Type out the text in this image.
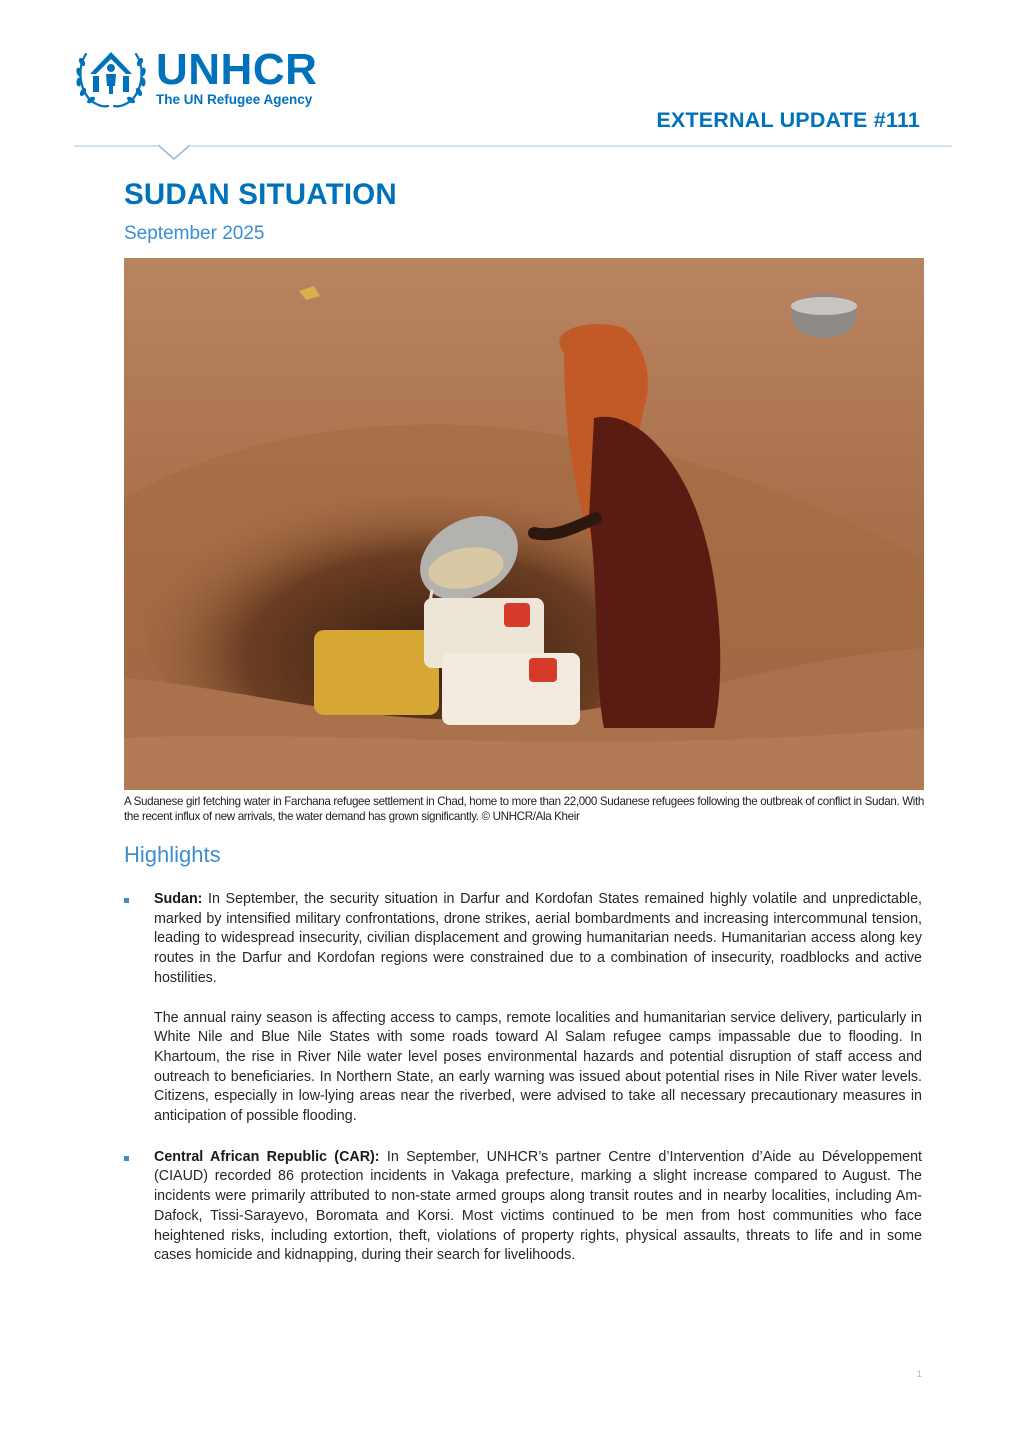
UNHCR
The UN Refugee Agency
EXTERNAL UPDATE #111
SUDAN SITUATION
September 2025
A Sudanese girl fetching water in Farchana refugee settlement in Chad, home to more than 22,000 Sudanese refugees following the outbreak of conflict in Sudan. With the recent influx of new arrivals, the water demand has grown significantly. © UNHCR/Ala Kheir
Highlights

Sudan: In September, the security situation in Darfur and Kordofan States remained highly volatile and unpredictable, marked by intensified military confrontations, drone strikes, aerial bombardments and increasing intercommunal tension, leading to widespread insecurity, civilian displacement and growing humanitarian needs. Humanitarian access along key routes in the Darfur and Kordofan regions were constrained due to a combination of insecurity, roadblocks and active hostilities.

The annual rainy season is affecting access to camps, remote localities and humanitarian service delivery, particularly in White Nile and Blue Nile States with some roads toward Al Salam refugee camps impassable due to flooding. In Khartoum, the rise in River Nile water level poses environmental hazards and potential disruption of staff access and outreach to beneficiaries. In Northern State, an early warning was issued about potential rises in Nile River water levels. Citizens, especially in low-lying areas near the riverbed, were advised to take all necessary precautionary measures in anticipation of possible flooding.

Central African Republic (CAR): In September, UNHCR’s partner Centre d’Intervention d’Aide au Développement (CIAUD) recorded 86 protection incidents in Vakaga prefecture, marking a slight increase compared to August. The incidents were primarily attributed to non-state armed groups along transit routes and in nearby localities, including Am-Dafock, Tissi-Sarayevo, Boromata and Korsi. Most victims continued to be men from host communities who face heightened risks, including extortion, theft, violations of property rights, physical assaults, threats to life and in some cases homicide and kidnapping, during their search for livelihoods.

1
